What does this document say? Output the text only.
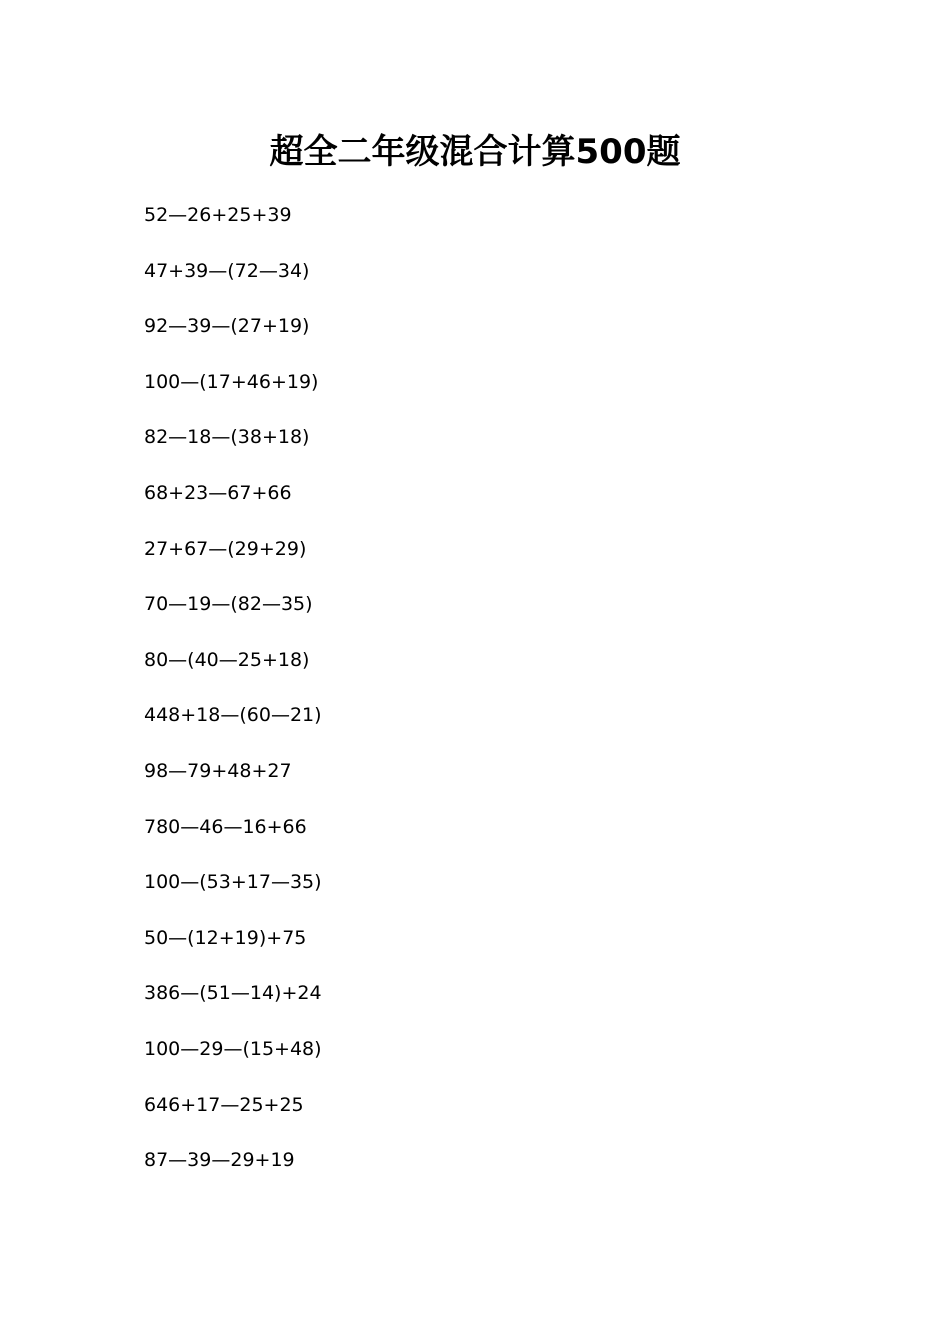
超全二年级混合计算500题
52—26+25+39
47+39—(72—34)
92—39—(27+19)
100—(17+46+19)
82—18—(38+18)
68+23—67+66
27+67—(29+29)
70—19—(82—35)
80—(40—25+18)
448+18—(60—21)
98—79+48+27
780—46—16+66
100—(53+17—35)
50—(12+19)+75
386—(51—14)+24
100—29—(15+48)
646+17—25+25
87—39—29+19
